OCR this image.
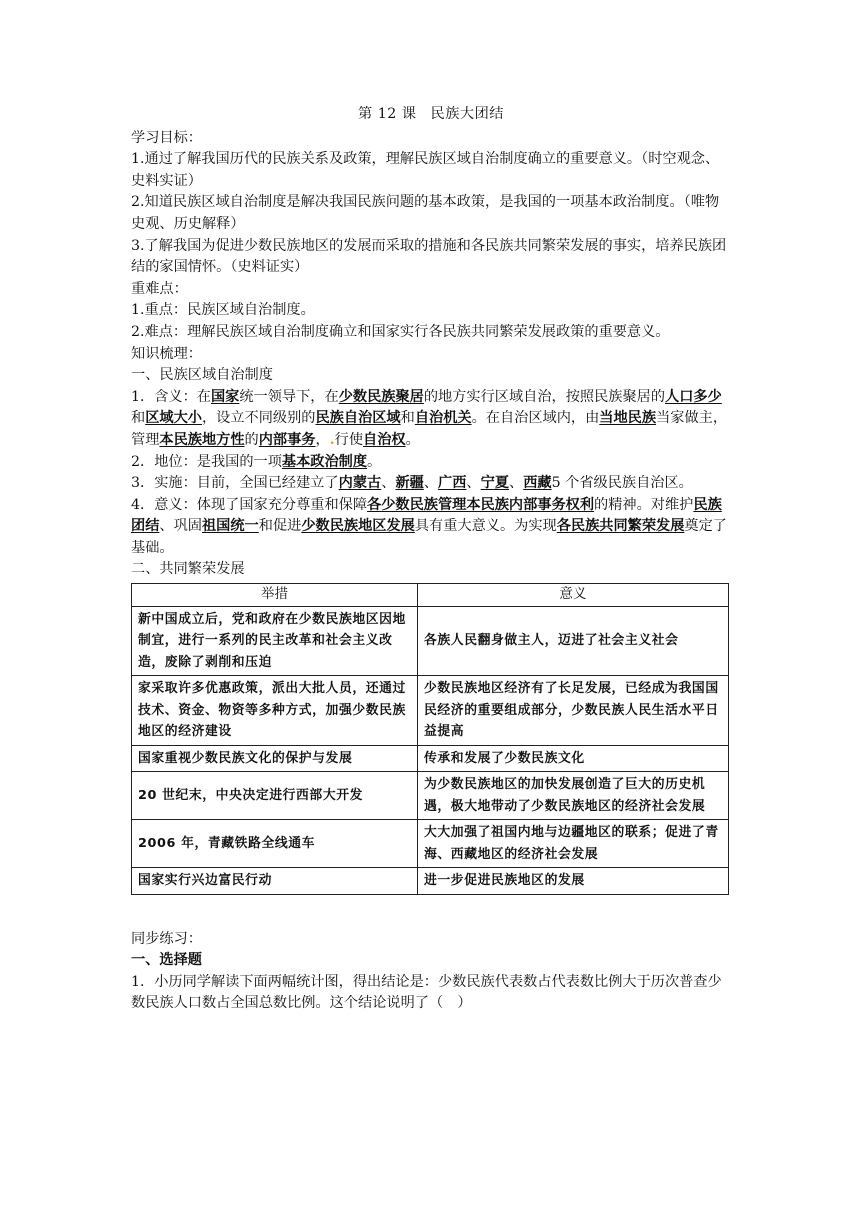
第 12 课 民族大团结

学习目标：

1.通过了解我国历代的民族关系及政策，理解民族区域自治制度确立的重要意义。（时空观念、史料实证）

2.知道民族区域自治制度是解决我国民族问题的基本政策，是我国的一项基本政治制度。（唯物史观、历史解释）

3.了解我国为促进少数民族地区的发展而采取的措施和各民族共同繁荣发展的事实，培养民族团结的家国情怀。（史料证实）

重难点：

1.重点：民族区域自治制度。

2.难点：理解民族区域自治制度确立和国家实行各民族共同繁荣发展政策的重要意义。

知识梳理：

一、民族区域自治制度

1．含义：在国家统一领导下，在少数民族聚居的地方实行区域自治，按照民族聚居的人口多少和区域大小，设立不同级别的民族自治区域和自治机关。在自治区域内，由当地民族当家做主，管理本民族地方性的内部事务，.行使自治权。

2．地位：是我国的一项基本政治制度。

3．实施：目前，全国已经建立了内蒙古、新疆、广西、宁夏、西藏5 个省级民族自治区。

4．意义：体现了国家充分尊重和保障各少数民族管理本民族内部事务权利的精神。对维护民族团结、巩固祖国统一和促进少数民族地区发展具有重大意义。为实现各民族共同繁荣发展奠定了基础。

二、共同繁荣发展

举措	意义
新中国成立后，党和政府在少数民族地区因地制宜，进行一系列的民主改革和社会主义改造，废除了剥削和压迫	各族人民翻身做主人，迈进了社会主义社会
家采取许多优惠政策，派出大批人员，还通过技术、资金、物资等多种方式，加强少数民族地区的经济建设	少数民族地区经济有了长足发展，已经成为我国国民经济的重要组成部分，少数民族人民生活水平日益提高
国家重视少数民族文化的保护与发展	传承和发展了少数民族文化
20 世纪末，中央决定进行西部大开发	为少数民族地区的加快发展创造了巨大的历史机遇，极大地带动了少数民族地区的经济社会发展
2006 年，青藏铁路全线通车	大大加强了祖国内地与边疆地区的联系；促进了青海、西藏地区的经济社会发展
国家实行兴边富民行动	进一步促进民族地区的发展

同步练习：

一、选择题

1．小历同学解读下面两幅统计图，得出结论是：少数民族代表数占代表数比例大于历次普查少数民族人口数占全国总数比例。这个结论说明了（　）
